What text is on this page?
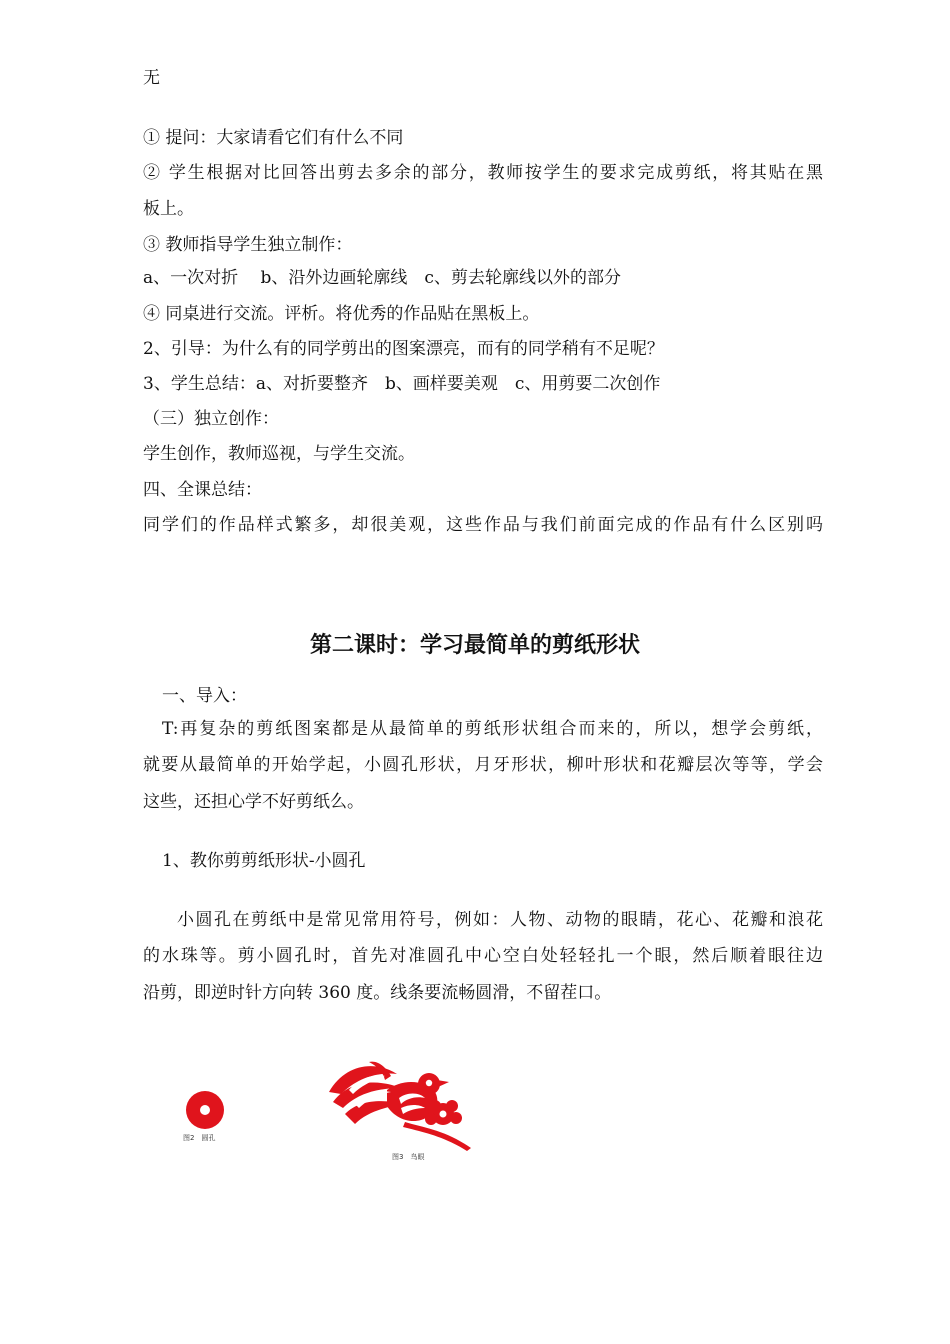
无
① 提问：大家请看它们有什么不同
② 学生根据对比回答出剪去多余的部分，教师按学生的要求完成剪纸，将其贴在黑
板上。
③ 教师指导学生独立制作：
a、一次对折　 b、沿外边画轮廓线　c、剪去轮廓线以外的部分
④ 同桌进行交流。评析。将优秀的作品贴在黑板上。
2、引导：为什么有的同学剪出的图案漂亮，而有的同学稍有不足呢？
3、学生总结：a、对折要整齐　b、画样要美观　c、用剪要二次创作
（三）独立创作：
学生创作，教师巡视，与学生交流。
四、全课总结：
同学们的作品样式繁多，却很美观，这些作品与我们前面完成的作品有什么区别吗
第二课时：学习最简单的剪纸形状
一、导入：
T:再复杂的剪纸图案都是从最简单的剪纸形状组合而来的，所以，想学会剪纸，
就要从最简单的开始学起，小圆孔形状，月牙形状，柳叶形状和花瓣层次等等，学会
这些，还担心学不好剪纸么。
1、教你剪剪纸形状-小圆孔
小圆孔在剪纸中是常见常用符号，例如：人物、动物的眼睛，花心、花瓣和浪花
的水珠等。剪小圆孔时，首先对准圆孔中心空白处轻轻扎一个眼，然后顺着眼往边
沿剪，即逆时针方向转 360 度。线条要流畅圆滑，不留茬口。
图2　圆孔
图3　鸟眼
